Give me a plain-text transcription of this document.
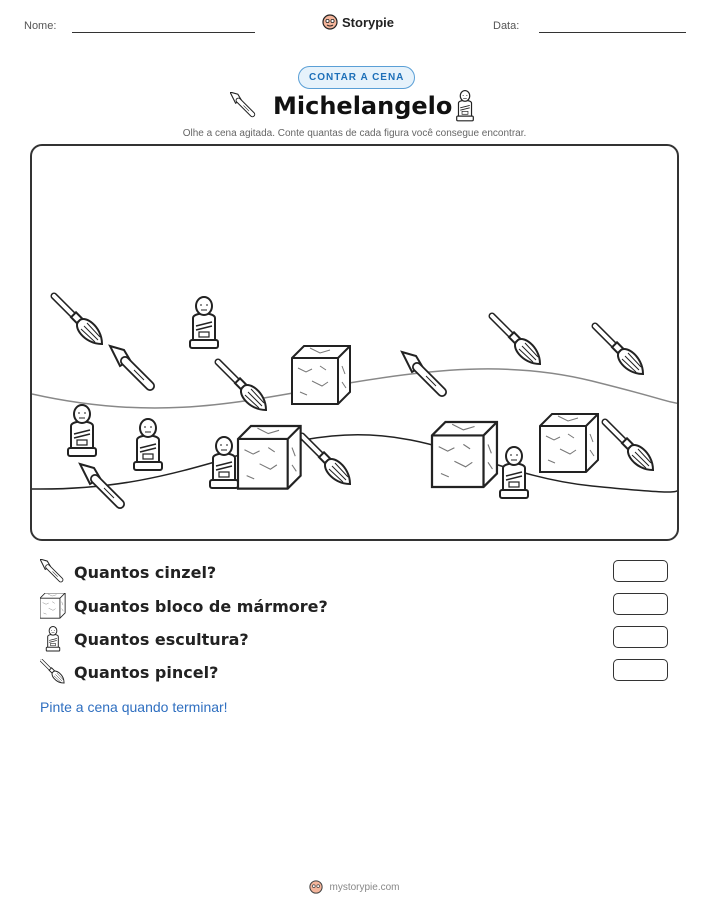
Nome:	Storypie	Data:
CONTAR A CENA
Michelangelo
Olhe a cena agitada. Conte quantas de cada figura você consegue encontrar.
Quantos cinzel?
Quantos bloco de mármore?
Quantos escultura?
Quantos pincel?
Pinte a cena quando terminar!
mystorypie.com
